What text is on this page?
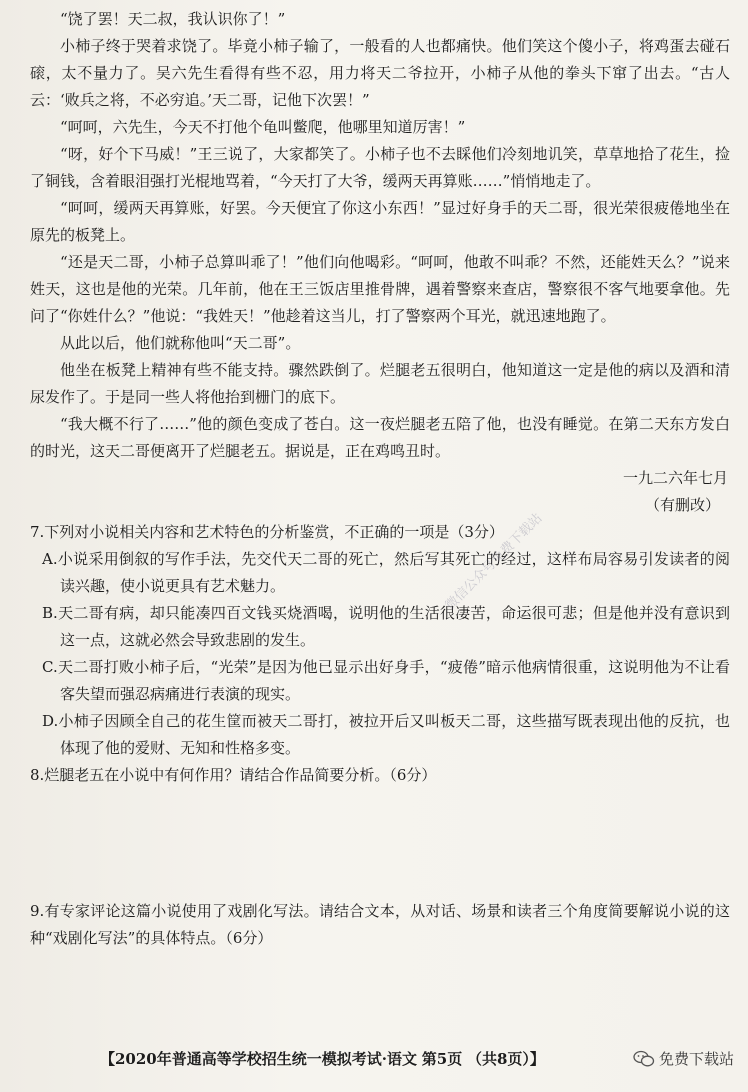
“饶了罢！天二叔，我认识你了！”

小柿子终于哭着求饶了。毕竟小柿子输了，一般看的人也都痛快。他们笑这个傻小子，将鸡蛋去碰石磙，太不量力了。吴六先生看得有些不忍，用力将天二爷拉开，小柿子从他的拳头下窜了出去。“古人云：‘败兵之将，不必穷追。’天二哥，记他下次罢！”

“呵呵，六先生，今天不打他个龟叫鳖爬，他哪里知道厉害！”

“呀，好个下马威！”王三说了，大家都笑了。小柿子也不去睬他们冷刻地讥笑，草草地拾了花生，捡了铜钱，含着眼泪强打光棍地骂着，“今天打了大爷，缓两天再算账……”悄悄地走了。

“呵呵，缓两天再算账，好罢。今天便宜了你这小东西！”显过好身手的天二哥，很光荣很疲倦地坐在原先的板凳上。

“还是天二哥，小柿子总算叫乖了！”他们向他喝彩。“呵呵，他敢不叫乖？不然，还能姓天么？”说来姓天，这也是他的光荣。几年前，他在王三饭店里推骨牌，遇着警察来查店，警察很不客气地要拿他。先问了“你姓什么？”他说：“我姓天！”他趁着这当儿，打了警察两个耳光，就迅速地跑了。

从此以后，他们就称他叫“天二哥”。

他坐在板凳上精神有些不能支持。骤然跌倒了。烂腿老五很明白，他知道这一定是他的病以及酒和清尿发作了。于是同一些人将他抬到栅门的底下。

“我大概不行了……”他的颜色变成了苍白。这一夜烂腿老五陪了他，也没有睡觉。在第二天东方发白的时光，这天二哥便离开了烂腿老五。据说是，正在鸡鸣丑时。

一九二六年七月

（有删改）

7.下列对小说相关内容和艺术特色的分析鉴赏，不正确的一项是（3分）

A.小说采用倒叙的写作手法，先交代天二哥的死亡，然后写其死亡的经过，这样布局容易引发读者的阅读兴趣，使小说更具有艺术魅力。

B.天二哥有病，却只能凑四百文钱买烧酒喝，说明他的生活很凄苦，命运很可悲；但是他并没有意识到这一点，这就必然会导致悲剧的发生。

C.天二哥打败小柿子后，“光荣”是因为他已显示出好身手，“疲倦”暗示他病情很重，这说明他为不让看客失望而强忍病痛进行表演的现实。

D.小柿子因顾全自己的花生筐而被天二哥打，被拉开后又叫板天二哥，这些描写既表现出他的反抗，也体现了他的爱财、无知和性格多变。

8.烂腿老五在小说中有何作用？请结合作品简要分析。（6分）

9.有专家评论这篇小说使用了戏剧化写法。请结合文本，从对话、场景和读者三个角度简要解说小说的这种“戏剧化写法”的具体特点。（6分）

微信公众号免费下载站
【2020年普通高等学校招生统一模拟考试·语文 第5页 （共8页）】	免费下载站
